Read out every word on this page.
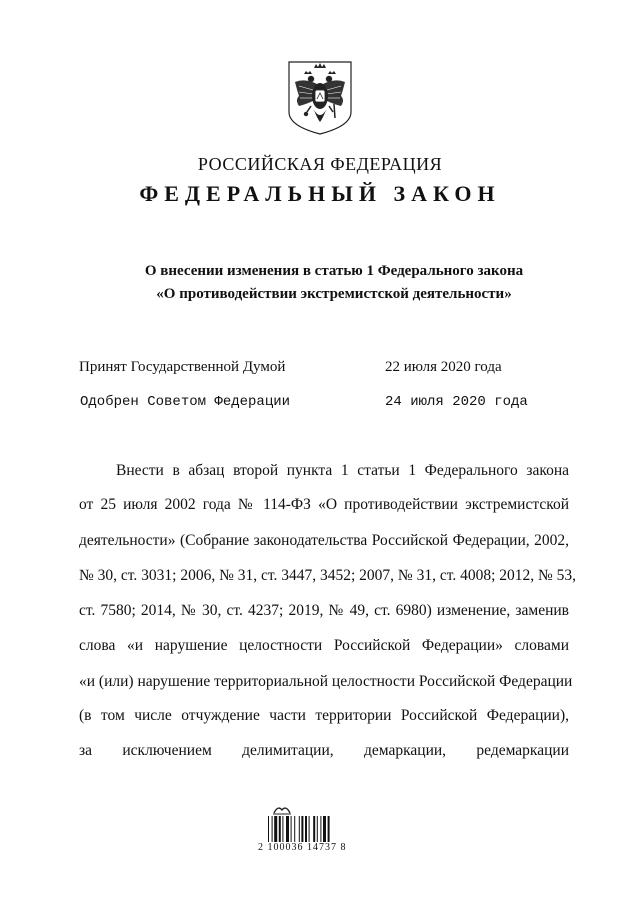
РОССИЙСКАЯ ФЕДЕРАЦИЯ
ФЕДЕРАЛЬНЫЙ ЗАКОН
О внесении изменения в статью 1 Федерального закона
«О противодействии экстремистской деятельности»
Принят Государственной Думой	22 июля 2020 года
Одобрен Советом Федерации	24 июля 2020 года
Внести в абзац второй пункта 1 статьи 1 Федерального закона
от 25 июля 2002 года № 114-ФЗ «О противодействии экстремистской
деятельности» (Собрание законодательства Российской Федерации, 2002,
№ 30, ст. 3031; 2006, № 31, ст. 3447, 3452; 2007, № 31, ст. 4008; 2012, № 53,
ст. 7580; 2014, № 30, ст. 4237; 2019, № 49, ст. 6980) изменение, заменив
слова «и нарушение целостности Российской Федерации» словами
«и (или) нарушение территориальной целостности Российской Федерации
(в том числе отчуждение части территории Российской Федерации),
за исключением делимитации, демаркации, редемаркации
2 100036 14737 8
